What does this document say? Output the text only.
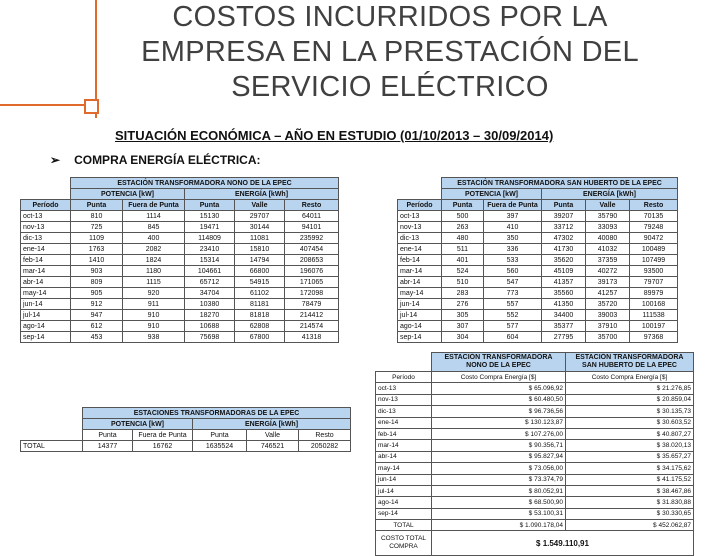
COSTOS INCURRIDOS POR LA
EMPRESA EN LA PRESTACIÓN DEL
SERVICIO ELÉCTRICO
SITUACIÓN ECONÓMICA – AÑO EN ESTUDIO (01/10/2013 – 30/09/2014)
➢ COMPRA ENERGÍA ELÉCTRICA:
	ESTACIÓN TRANSFORMADORA NONO DE LA EPEC				
	POTENCIA [kW]		ENERGÍA [kWh]		
Período	Punta	Fuera de Punta	Punta	Valle	Resto
oct-13	810	1114	15130	29707	64011
nov-13	725	845	19471	30144	94101
dic-13	1109	400	114809	11081	235992
ene-14	1763	2082	23410	15810	407454
feb-14	1410	1824	15314	14794	208653
mar-14	903	1180	104661	66800	196076
abr-14	809	1115	65712	54915	171065
may-14	905	920	34704	61102	172098
jun-14	912	911	10380	81181	78479
jul-14	947	910	18270	81818	214412
ago-14	612	910	10688	62808	214574
sep-14	453	938	75698	67800	41318
	ESTACIÓN TRANSFORMADORA SAN HUBERTO DE LA EPEC				
	POTENCIA [kW]		ENERGÍA [kWh]		
Período	Punta	Fuera de Punta	Punta	Valle	Resto
oct-13	500	397	39207	35790	70135
nov-13	263	410	33712	33093	79248
dic-13	480	350	47302	40080	90472
ene-14	511	336	41730	41032	100489
feb-14	401	533	35620	37359	107499
mar-14	524	560	45109	40272	93500
abr-14	510	547	41357	39173	79707
may-14	283	773	35560	41257	89979
jun-14	276	557	41350	35720	100168
jul-14	305	552	34400	39003	111538
ago-14	307	577	35377	37910	100197
sep-14	304	604	27795	35700	97368
	ESTACIONES TRANSFORMADORAS DE LA EPEC				
	POTENCIA [kW]		ENERGÍA [kWh]		
	Punta	Fuera de Punta	Punta	Valle	Resto
TOTAL	14377	16762	1635524	746521	2050282
	ESTACIÓN TRANSFORMADORA NONO DE LA EPEC	ESTACIÓN TRANSFORMADORA SAN HUBERTO DE LA EPEC
Período	Costo Compra Energía [$]	Costo Compra Energía [$]
oct-13	$ 65.096,92	$ 21.276,85
nov-13	$ 60.480,50	$ 20.859,04
dic-13	$ 96.736,56	$ 30.135,73
ene-14	$ 130.123,87	$ 30.603,52
feb-14	$ 107.276,00	$ 40.807,27
mar-14	$ 90.356,71	$ 38.020,13
abr-14	$ 95.827,94	$ 35.657,27
may-14	$ 73.056,00	$ 34.175,62
jun-14	$ 73.374,79	$ 41.175,52
jul-14	$ 80.052,91	$ 38.467,86
ago-14	$ 68.500,90	$ 31.830,88
sep-14	$ 53.100,31	$ 30.330,65
TOTAL	$ 1.090.178,04	$ 452.062,87
COSTO TOTAL COMPRA	$ 1.549.110,91	
